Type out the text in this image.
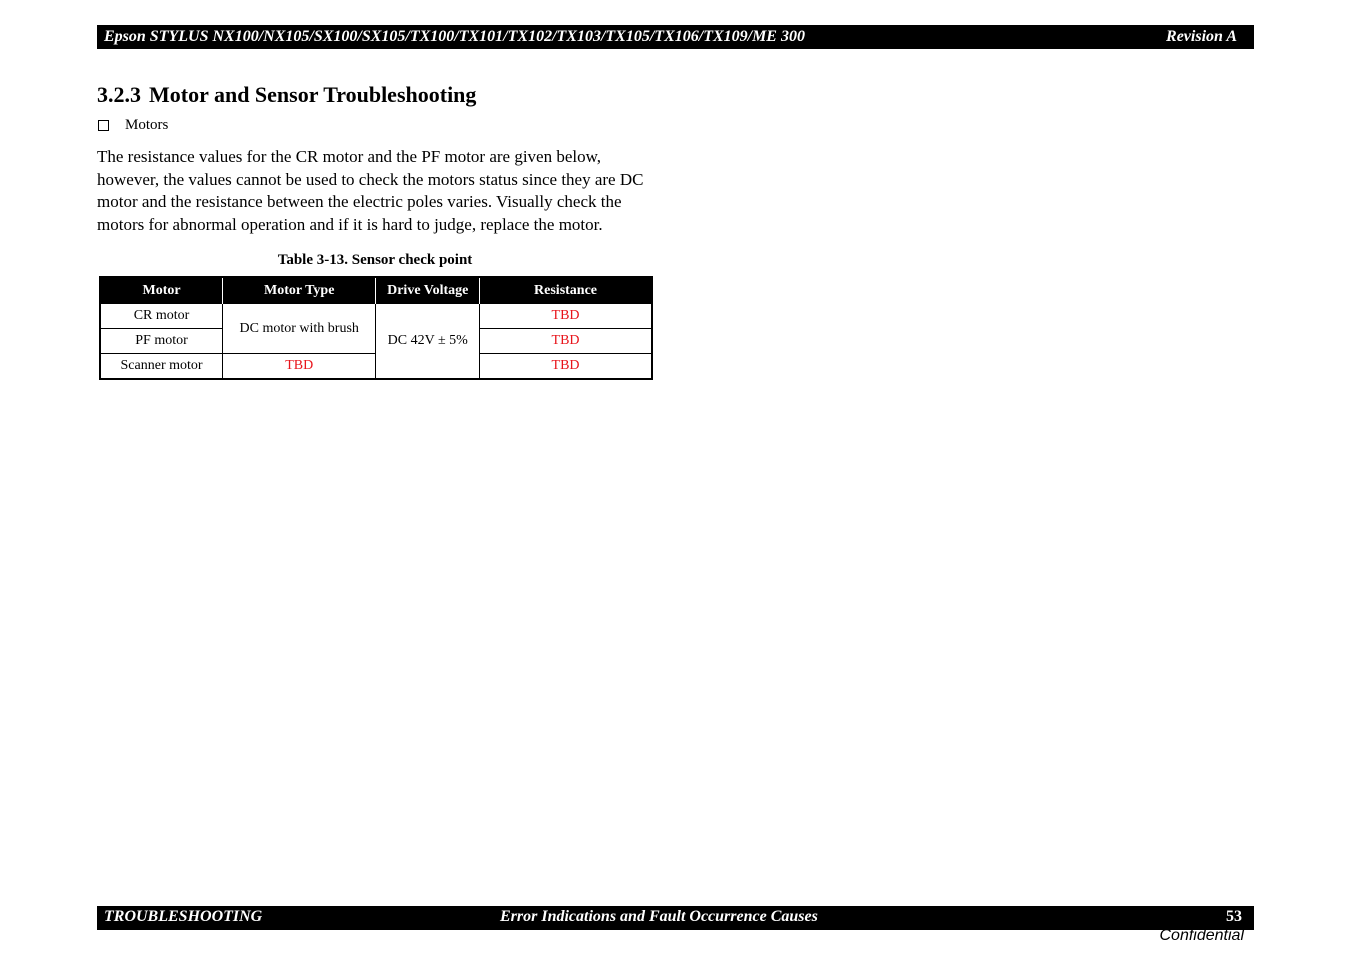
Epson STYLUS NX100/NX105/SX100/SX105/TX100/TX101/TX102/TX103/TX105/TX106/TX109/ME 300	Revision A
3.2.3 Motor and Sensor Troubleshooting
Motors

The resistance values for the CR motor and the PF motor are given below, however, the values cannot be used to check the motors status since they are DC motor and the resistance between the electric poles varies. Visually check the motors for abnormal operation and if it is hard to judge, replace the motor.

Table 3-13. Sensor check point
Motor	Motor Type	Drive Voltage	Resistance
CR motor	DC motor with brush	DC 42V ± 5%	TBD
PF motor			TBD
Scanner motor	TBD		TBD
TROUBLESHOOTING	Error Indications and Fault Occurrence Causes	53
Confidential
